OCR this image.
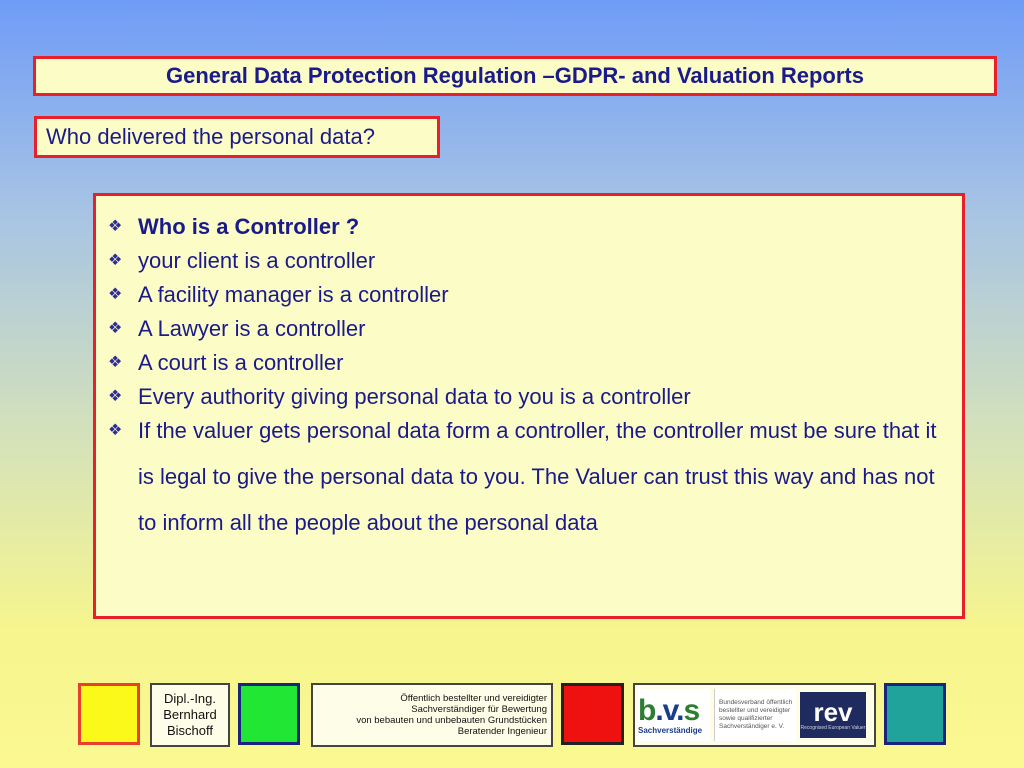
General Data Protection Regulation –GDPR- and Valuation Reports
Who delivered the personal data?
❖ Who is a Controller ?
❖ your client is a controller
❖ A facility manager is a controller
❖ A Lawyer is a controller
❖ A court is a controller
❖ Every authority giving personal data to you is a controller
❖ If the valuer gets personal data form a controller, the controller must be sure that it is legal to give the personal data to you. The Valuer can trust this way and has not to inform all the people about the personal data
Dipl.-Ing.
Bernhard
Bischoff
Öffentlich bestellter und vereidigter
Sachverständiger für Bewertung
von bebauten und unbebauten Grundstücken
Beratender Ingenieur
b.v.s
Sachverständige
Bundesverband öffentlich bestellter und vereidigter sowie qualifizierter Sachverständiger e. V.	rev
Recognised European Valuer
